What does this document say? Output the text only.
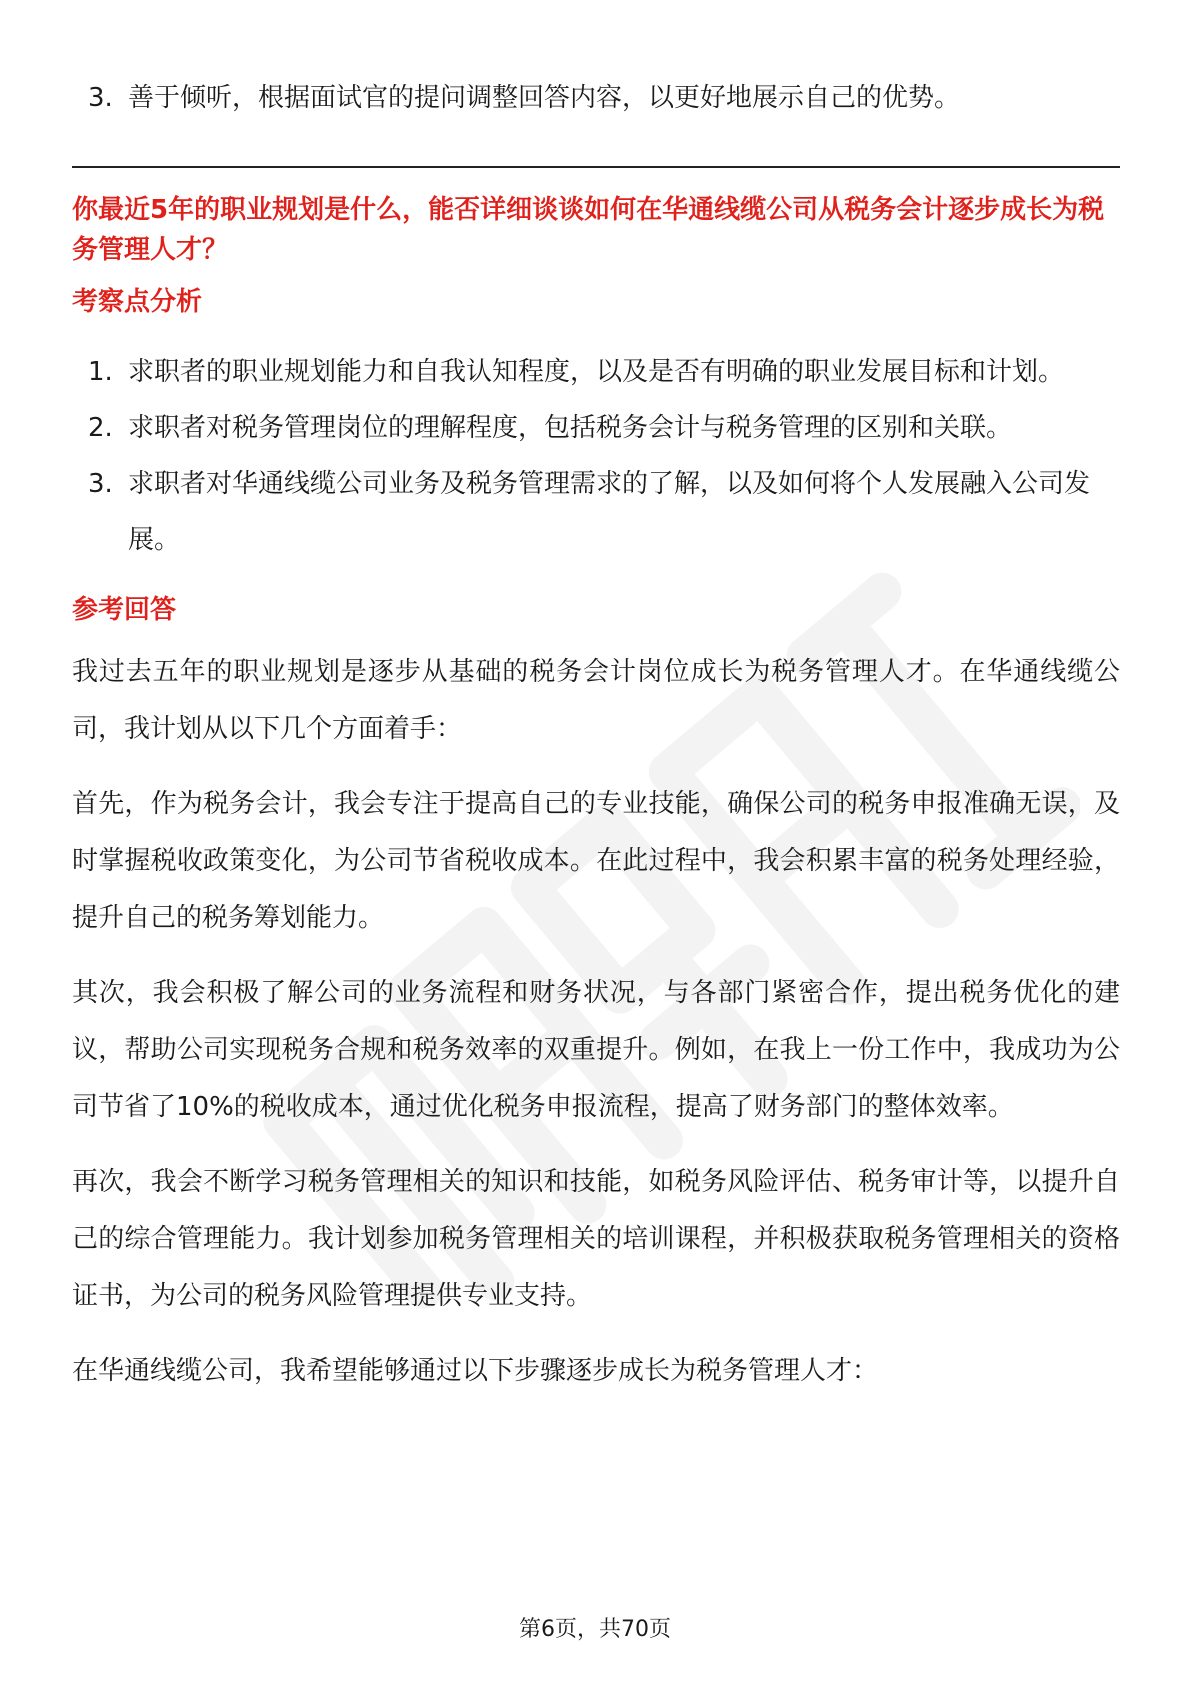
3. 善于倾听，根据面试官的提问调整回答内容，以更好地展示自己的优势。

你最近5年的职业规划是什么，能否详细谈谈如何在华通线缆公司从税务会计逐步成长为税务管理人才？

考察点分析
1. 求职者的职业规划能力和自我认知程度，以及是否有明确的职业发展目标和计划。
2. 求职者对税务管理岗位的理解程度，包括税务会计与税务管理的区别和关联。
3. 求职者对华通线缆公司业务及税务管理需求的了解，以及如何将个人发展融入公司发展。
参考回答

我过去五年的职业规划是逐步从基础的税务会计岗位成长为税务管理人才。在华通线缆公司，我计划从以下几个方面着手：

首先，作为税务会计，我会专注于提高自己的专业技能，确保公司的税务申报准确无误，及时掌握税收政策变化，为公司节省税收成本。在此过程中，我会积累丰富的税务处理经验，提升自己的税务筹划能力。

其次，我会积极了解公司的业务流程和财务状况，与各部门紧密合作，提出税务优化的建议，帮助公司实现税务合规和税务效率的双重提升。例如，在我上一份工作中，我成功为公司节省了10%的税收成本，通过优化税务申报流程，提高了财务部门的整体效率。

再次，我会不断学习税务管理相关的知识和技能，如税务风险评估、税务审计等，以提升自己的综合管理能力。我计划参加税务管理相关的培训课程，并积极获取税务管理相关的资格证书，为公司的税务风险管理提供专业支持。

在华通线缆公司，我希望能够通过以下步骤逐步成长为税务管理人才：

第6页，共70页
